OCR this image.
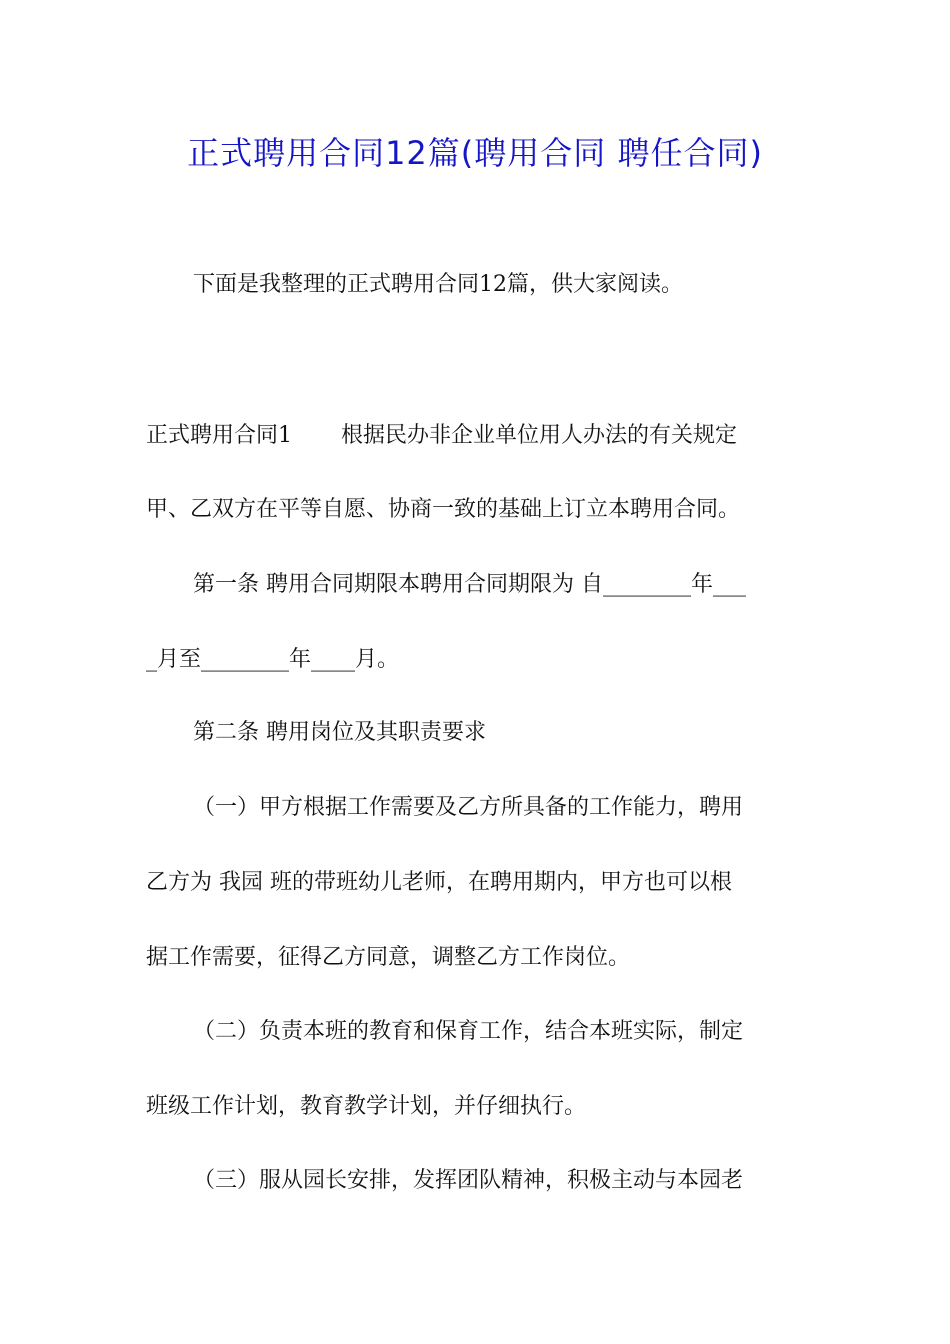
正式聘用合同12篇(聘用合同 聘任合同)
下面是我整理的正式聘用合同12篇，供大家阅读。
正式聘用合同1       根据民办非企业单位用人办法的有关规定
甲、乙双方在平等自愿、协商一致的基础上订立本聘用合同。
第一条 聘用合同期限本聘用合同期限为 自________年___
_月至________年____月。
第二条 聘用岗位及其职责要求
（一）甲方根据工作需要及乙方所具备的工作能力，聘用
乙方为 我园 班的带班幼儿老师，在聘用期内，甲方也可以根
据工作需要，征得乙方同意，调整乙方工作岗位。
（二）负责本班的教育和保育工作，结合本班实际，制定
班级工作计划，教育教学计划，并仔细执行。
（三）服从园长安排，发挥团队精神，积极主动与本园老
